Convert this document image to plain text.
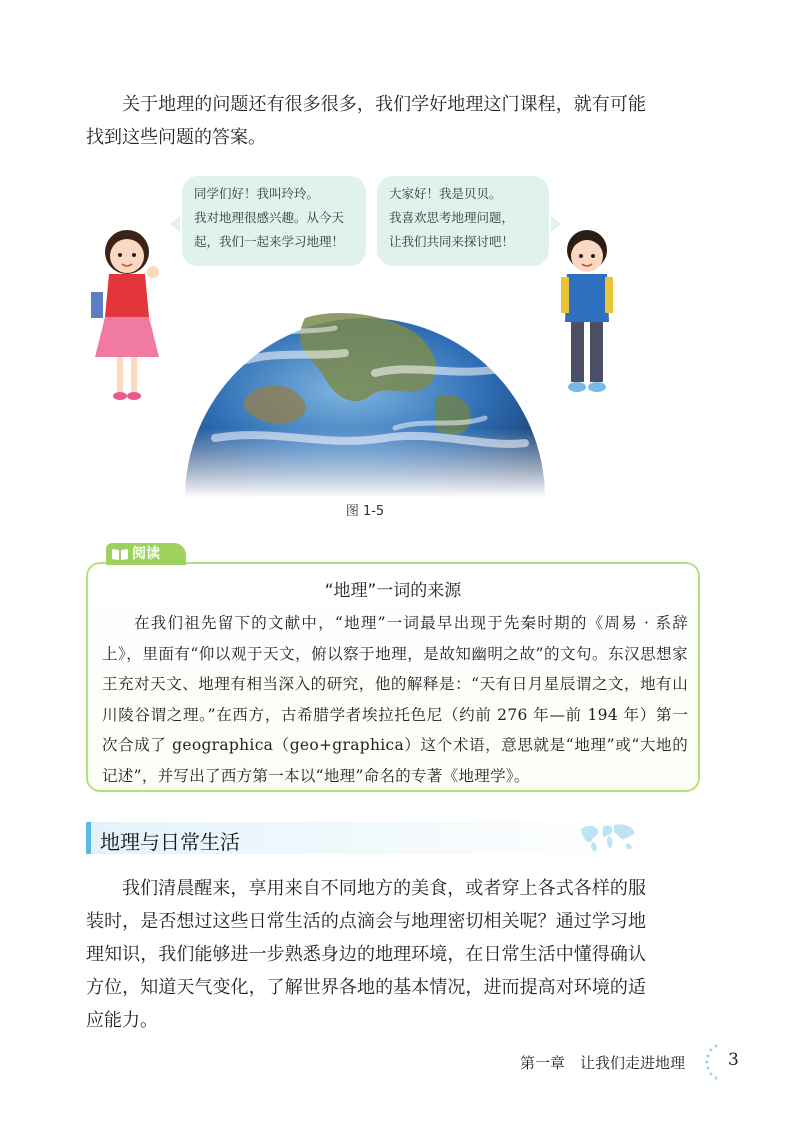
关于地理的问题还有很多很多，我们学好地理这门课程，就有可能找到这些问题的答案。

同学们好！我叫玲玲。
我对地理很感兴趣。从今天
起，我们一起来学习地理！
大家好！我是贝贝。
我喜欢思考地理问题，
让我们共同来探讨吧！
图 1-5
“地理”一词的来源

在我们祖先留下的文献中，“地理”一词最早出现于先秦时期的《周易 · 系辞上》，里面有“仰以观于天文，俯以察于地理，是故知幽明之故”的文句。东汉思想家王充对天文、地理有相当深入的研究，他的解释是：“天有日月星辰谓之文，地有山川陵谷谓之理。”在西方，古希腊学者埃拉托色尼（约前 276 年—前 194 年）第一次合成了 geographica（geo+graphica）这个术语，意思就是“地理”或“大地的记述”，并写出了西方第一本以“地理”命名的专著《地理学》。

阅读
地理与日常生活

我们清晨醒来，享用来自不同地方的美食，或者穿上各式各样的服装时，是否想过这些日常生活的点滴会与地理密切相关呢？通过学习地理知识，我们能够进一步熟悉身边的地理环境，在日常生活中懂得确认方位，知道天气变化，了解世界各地的基本情况，进而提高对环境的适应能力。

第一章　让我们走进地理	3
